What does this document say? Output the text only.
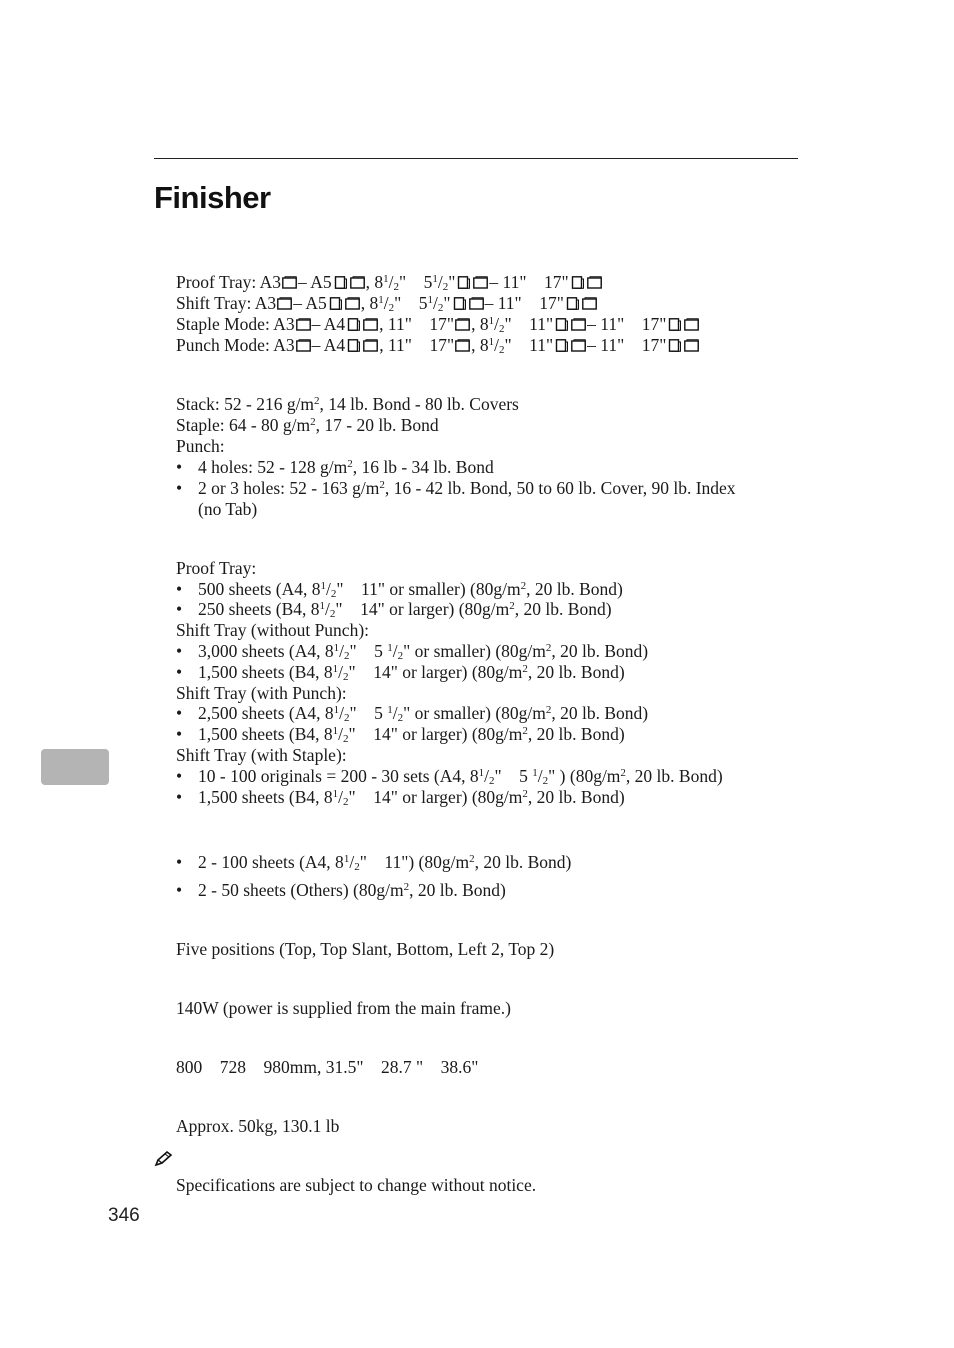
Finisher
Proof Tray: A3 – A5 , $8^1/_2$" $5^1/_2$" – 11" 17"
Shift Tray: A3 – A5 , $8^1/_2$" $5^1/_2$" – 11" 17"
Staple Mode: A3 – A4 , 11" 17" , $8^1/_2$" 11" – 11" 17"
Punch Mode: A3 – A4 , 11" 17" , $8^1/_2$" 11" – 11" 17"
Stack: 52 - 216 $g/m^2$, 14 lb. Bond - 80 lb. Covers
Staple: 64 - 80 $g/m^2$, 17 - 20 lb. Bond
Punch:
• 4 holes: 52 - 128 $g/m^2$, 16 lb - 34 lb. Bond
• 2 or 3 holes: 52 - 163 $g/m^2$, 16 - 42 lb. Bond, 50 to 60 lb. Cover, 90 lb. Index
(no Tab)
Proof Tray:
• 500 sheets (A4, $8^1/_2$" 11" or smaller) ($80g/m^2$, 20 lb. Bond)
• 250 sheets (B4, $8^1/_2$" 14" or larger) ($80g/m^2$, 20 lb. Bond)
Shift Tray (without Punch):
• 3,000 sheets (A4, $8^1/_2$" 5 $^1/_2$" or smaller) ($80g/m^2$, 20 lb. Bond)
• 1,500 sheets (B4, $8^1/_2$" 14" or larger) ($80g/m^2$, 20 lb. Bond)
Shift Tray (with Punch):
• 2,500 sheets (A4, $8^1/_2$" 5 $^1/_2$" or smaller) ($80g/m^2$, 20 lb. Bond)
• 1,500 sheets (B4, $8^1/_2$" 14" or larger) ($80g/m^2$, 20 lb. Bond)
Shift Tray (with Staple):
• 10 - 100 originals = 200 - 30 sets (A4, $8^1/_2$" 5 $^1/_2$" ) ($80g/m^2$, 20 lb. Bond)
• 1,500 sheets (B4, $8^1/_2$" 14" or larger) ($80g/m^2$, 20 lb. Bond)
• 2 - 100 sheets (A4, $8^1/_2$" 11") ($80g/m^2$, 20 lb. Bond)
• 2 - 50 sheets (Others) ($80g/m^2$, 20 lb. Bond)
Five positions (Top, Top Slant, Bottom, Left 2, Top 2)
140W (power is supplied from the main frame.)
800 728 980mm, 31.5" 28.7 " 38.6"
Approx. 50kg, 130.1 lb
Specifications are subject to change without notice.
346
